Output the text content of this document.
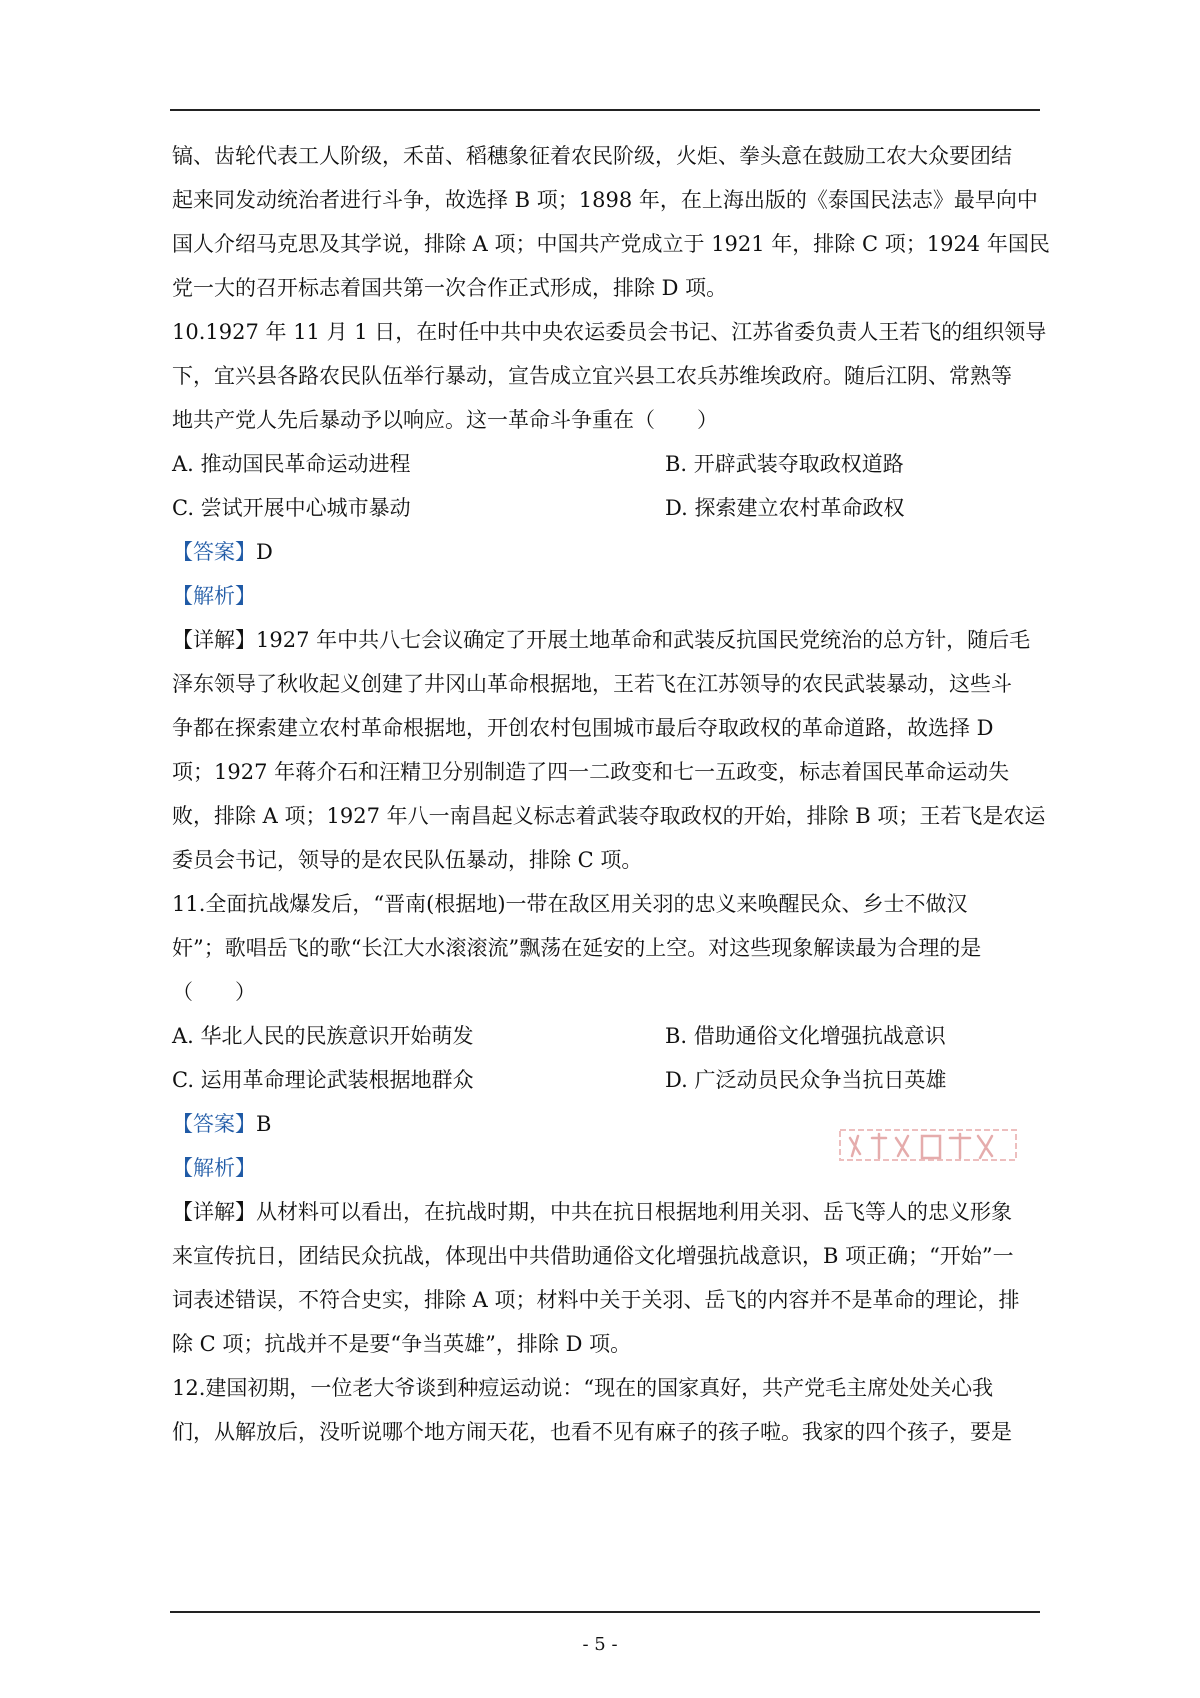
镐、齿轮代表工人阶级，禾苗、稻穗象征着农民阶级，火炬、拳头意在鼓励工农大众要团结
起来同发动统治者进行斗争，故选择 B 项；1898 年，在上海出版的《泰国民法志》最早向中
国人介绍马克思及其学说，排除 A 项；中国共产党成立于 1921 年，排除 C 项；1924 年国民
党一大的召开标志着国共第一次合作正式形成，排除 D 项。
10.1927 年 11 月 1 日，在时任中共中央农运委员会书记、江苏省委负责人王若飞的组织领导
下，宜兴县各路农民队伍举行暴动，宣告成立宜兴县工农兵苏维埃政府。随后江阴、常熟等
地共产党人先后暴动予以响应。这一革命斗争重在（　　）
A. 推动国民革命运动进程	B. 开辟武装夺取政权道路
C. 尝试开展中心城市暴动	D. 探索建立农村革命政权
【答案】D
【解析】
【详解】1927 年中共八七会议确定了开展土地革命和武装反抗国民党统治的总方针，随后毛
泽东领导了秋收起义创建了井冈山革命根据地，王若飞在江苏领导的农民武装暴动，这些斗
争都在探索建立农村革命根据地，开创农村包围城市最后夺取政权的革命道路，故选择 D
项；1927 年蒋介石和汪精卫分别制造了四一二政变和七一五政变，标志着国民革命运动失
败，排除 A 项；1927 年八一南昌起义标志着武装夺取政权的开始，排除 B 项；王若飞是农运
委员会书记，领导的是农民队伍暴动，排除 C 项。
11.全面抗战爆发后，“晋南(根据地)一带在敌区用关羽的忠义来唤醒民众、乡士不做汉
奸”；歌唱岳飞的歌“长江大水滚滚流”飘荡在延安的上空。对这些现象解读最为合理的是
（　　）
A. 华北人民的民族意识开始萌发	B. 借助通俗文化增强抗战意识
C. 运用革命理论武装根据地群众	D. 广泛动员民众争当抗日英雄
【答案】B
【解析】
【详解】从材料可以看出，在抗战时期，中共在抗日根据地利用关羽、岳飞等人的忠义形象
来宣传抗日，团结民众抗战，体现出中共借助通俗文化增强抗战意识，B 项正确；“开始”一
词表述错误，不符合史实，排除 A 项；材料中关于关羽、岳飞的内容并不是革命的理论，排
除 C 项；抗战并不是要“争当英雄”，排除 D 项。
12.建国初期，一位老大爷谈到种痘运动说：“现在的国家真好，共产党毛主席处处关心我
们，从解放后，没听说哪个地方闹天花，也看不见有麻子的孩子啦。我家的四个孩子，要是
- 5 -
